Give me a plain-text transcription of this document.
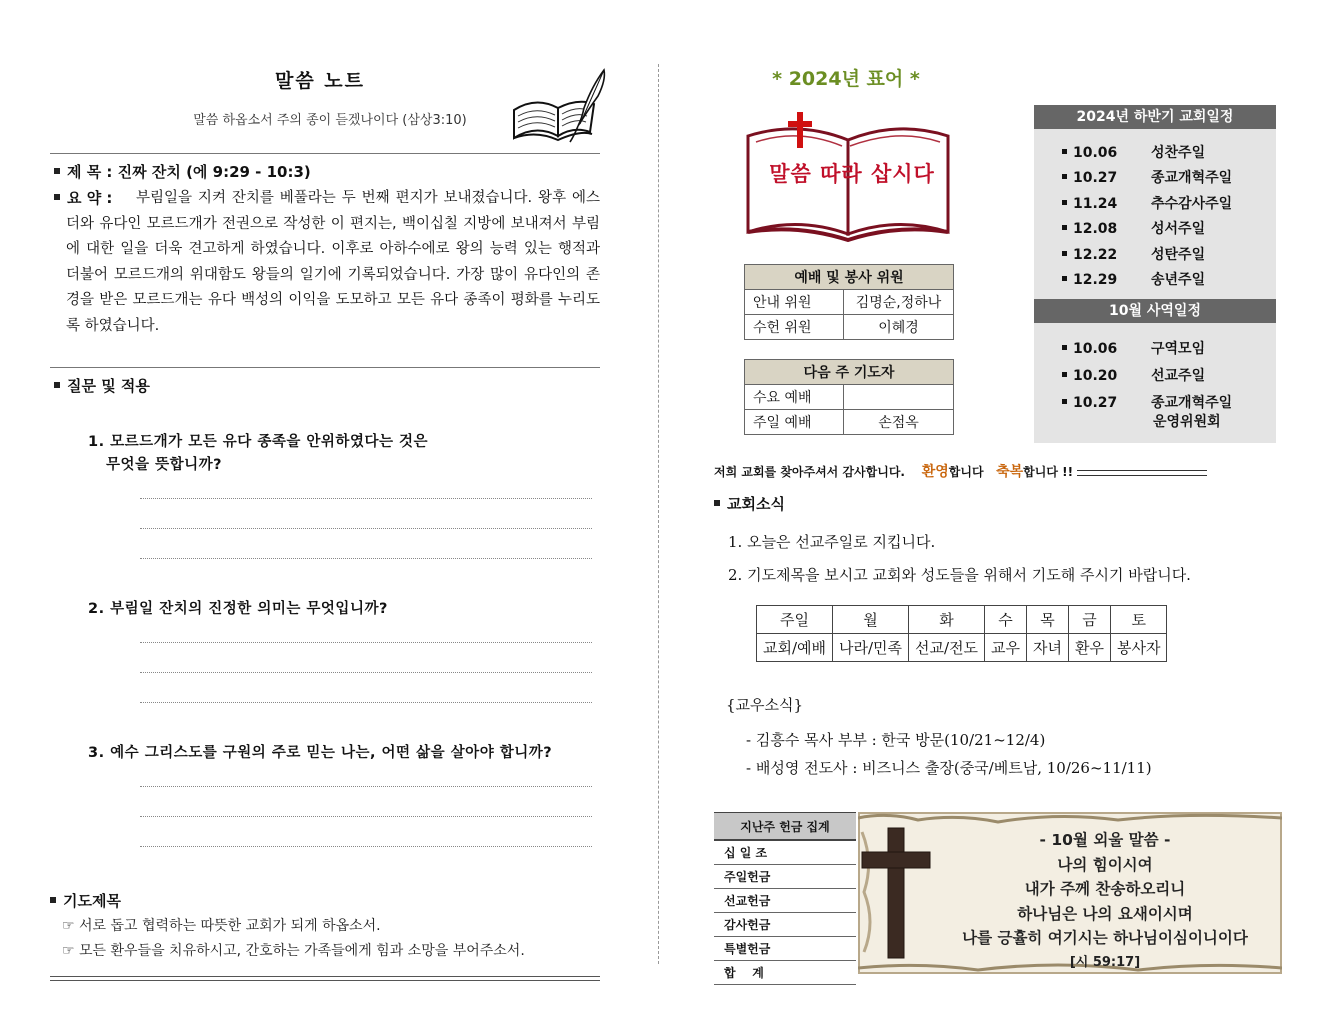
말씀 노트
말씀 하옵소서 주의 종이 듣겠나이다 (삼상3:10)
제 목 : 진짜 잔치 (에 9:29 - 10:3)
요 약 :	부림일을 지켜 잔치를 베풀라는 두 번째 편지가 보내졌습니다. 왕후 에스더와 유다인 모르드개가 전권으로 작성한 이 편지는, 백이십칠 지방에 보내져서 부림에 대한 일을 더욱 견고하게 하였습니다. 이후로 아하수에로 왕의 능력 있는 행적과 더불어 모르드개의 위대함도 왕들의 일기에 기록되었습니다. 가장 많이 유다인의 존경을 받은 모르드개는 유다 백성의 이익을 도모하고 모든 유다 종족이 평화를 누리도록 하였습니다.
질문 및 적용
1. 모르드개가 모든 유다 종족을 안위하였다는 것은
무엇을 뜻합니까?
2. 부림일 잔치의 진정한 의미는 무엇입니까?
3. 예수 그리스도를 구원의 주로 믿는 나는, 어떤 삶을 살아야 합니까?
기도제목
☞ 서로 돕고 협력하는 따뜻한 교회가 되게 하옵소서.
☞ 모든 환우들을 치유하시고, 간호하는 가족들에게 힘과 소망을 부어주소서.
* 2024년 표어 *
말씀 따라 삽시다
예배 및 봉사 위원	
안내 위원	김명순,정하나
수헌 위원	이혜경
다음 주 기도자	
수요 예배	
주일 예배	손점옥
2024년 하반기 교회일정
10.06 성찬주일
10.27 종교개혁주일
11.24 추수감사주일
12.08 성서주일
12.22 성탄주일
12.29 송년주일
10월 사역일정
10.06 구역모임
10.20 선교주일
10.27 종교개혁주일
운영위원회
저희 교회를 찾아주셔서 감사합니다. 환영합니다 축복합니다 !!
교회소식
1. 오늘은 선교주일로 지킵니다.
2. 기도제목을 보시고 교회와 성도들을 위해서 기도해 주시기 바랍니다.
주일	월	화	수	목	금	토
교회/예배	나라/민족	선교/전도	교우	자녀	환우	봉사자
{교우소식}
- 김흥수 목사 부부 : 한국 방문(10/21~12/4)
- 배성영 전도사 : 비즈니스 출장(중국/베트남, 10/26~11/11)
지난주 헌금 집계
십 일 조
주일헌금
선교헌금
감사헌금
특별헌금
합    계
- 10월 외울 말씀 -
나의 힘이시여
내가 주께 찬송하오리니
하나님은 나의 요새이시며
나를 긍휼히 여기시는 하나님이심이니이다
[시 59:17]
